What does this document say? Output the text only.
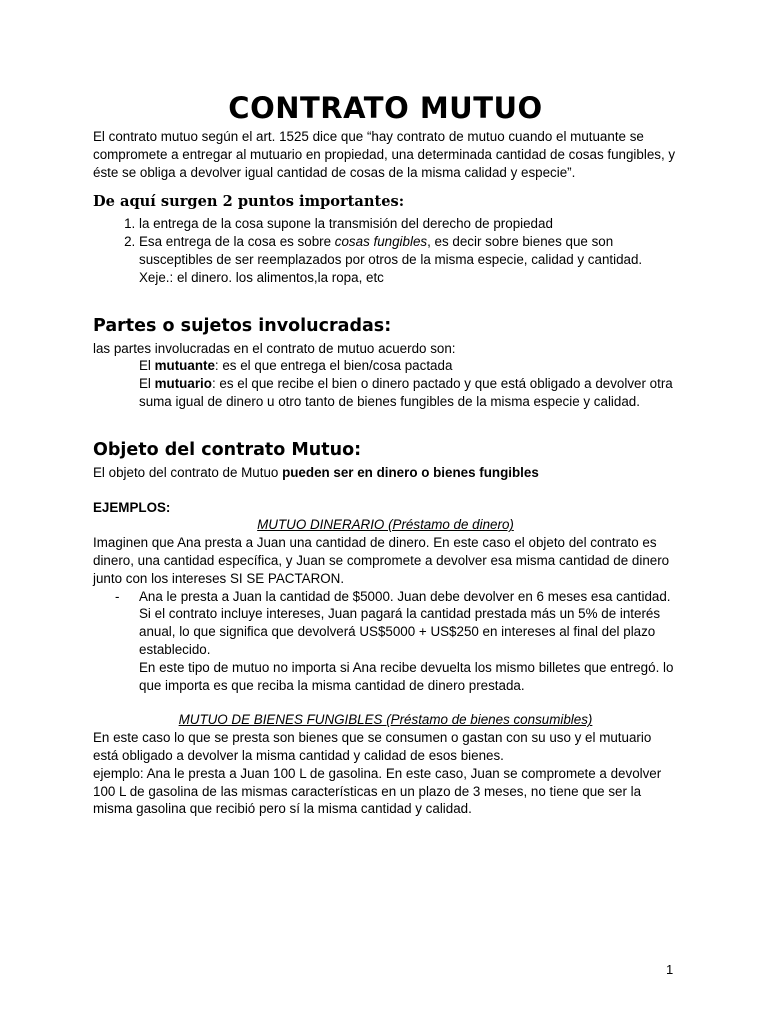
CONTRATO MUTUO

El contrato mutuo según el art. 1525 dice que “hay contrato de mutuo cuando el mutuante se compromete a entregar al mutuario en propiedad, una determinada cantidad de cosas fungibles, y éste se obliga a devolver igual cantidad de cosas de la misma calidad y especie”.

De aquí surgen 2 puntos importantes:
1. la entrega de la cosa supone la transmisión del derecho de propiedad
2. Esa entrega de la cosa es sobre cosas fungibles, es decir sobre bienes que son susceptibles de ser reemplazados por otros de la misma especie, calidad y cantidad.
Xeje.: el dinero. los alimentos,la ropa, etc
Partes o sujetos involucradas:

las partes involucradas en el contrato de mutuo acuerdo son:

El mutuante: es el que entrega el bien/cosa pactada

El mutuario: es el que recibe el bien o dinero pactado y que está obligado a devolver otra suma igual de dinero u otro tanto de bienes fungibles de la misma especie y calidad.

Objeto del contrato Mutuo:

El objeto del contrato de Mutuo pueden ser en dinero o bienes fungibles

EJEMPLOS:

MUTUO DINERARIO (Préstamo de dinero)

Imaginen que Ana presta a Juan una cantidad de dinero. En este caso el objeto del contrato es dinero, una cantidad específica, y Juan se compromete a devolver esa misma cantidad de dinero junto con los intereses SI SE PACTARON.

- Ana le presta a Juan la cantidad de $5000. Juan debe devolver en 6 meses esa cantidad. Si el contrato incluye intereses, Juan pagará la cantidad prestada más un 5% de interés anual, lo que significa que devolverá US$5000 + US$250 en intereses al final del plazo establecido.

En este tipo de mutuo no importa si Ana recibe devuelta los mismo billetes que entregó. lo que importa es que reciba la misma cantidad de dinero prestada.

MUTUO DE BIENES FUNGIBLES (Préstamo de bienes consumibles)

En este caso lo que se presta son bienes que se consumen o gastan con su uso y el mutuario está obligado a devolver la misma cantidad y calidad de esos bienes.

ejemplo: Ana le presta a Juan 100 L de gasolina. En este caso, Juan se compromete a devolver 100 L de gasolina de las mismas características en un plazo de 3 meses, no tiene que ser la misma gasolina que recibió pero sí la misma cantidad y calidad.

1
